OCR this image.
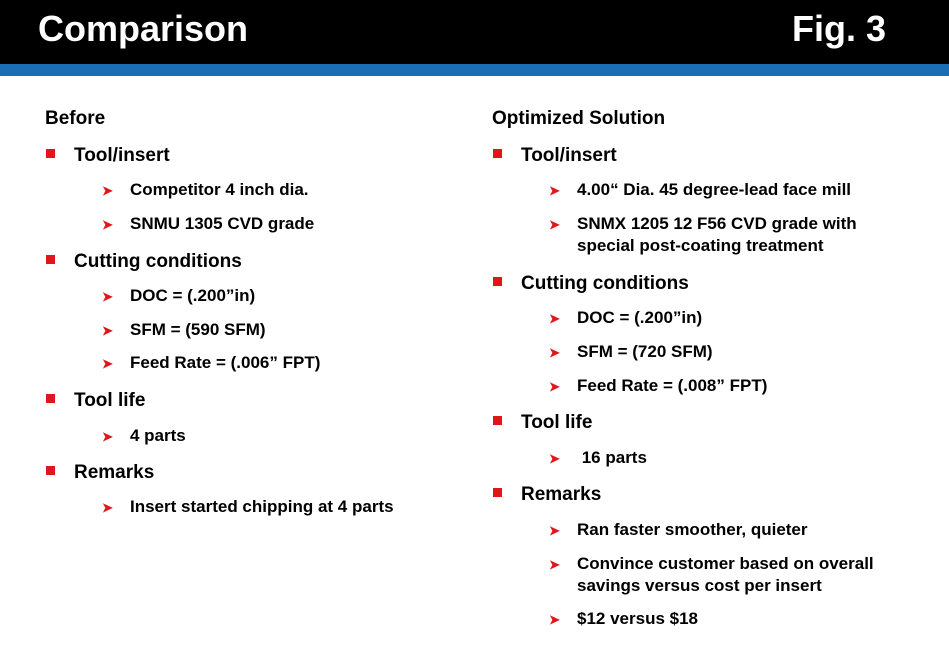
Comparison	Fig. 3
Before
Tool/insert
➤ Competitor 4 inch dia.
➤ SNMU 1305 CVD grade
Cutting conditions
➤ DOC = (.200”in)
➤ SFM = (590 SFM)
➤ Feed Rate = (.006” FPT)
Tool life
➤ 4 parts
Remarks
➤ Insert started chipping at 4 parts
Optimized Solution
Tool/insert
➤ 4.00“ Dia. 45 degree-lead face mill
➤ SNMX 1205 12 F56 CVD grade with
special post-coating treatment
Cutting conditions
➤ DOC = (.200”in)
➤ SFM = (720 SFM)
➤ Feed Rate = (.008” FPT)
Tool life
➤ 16 parts
Remarks
➤ Ran faster smoother, quieter
➤ Convince customer based on overall
savings versus cost per insert
➤ $12 versus $18
